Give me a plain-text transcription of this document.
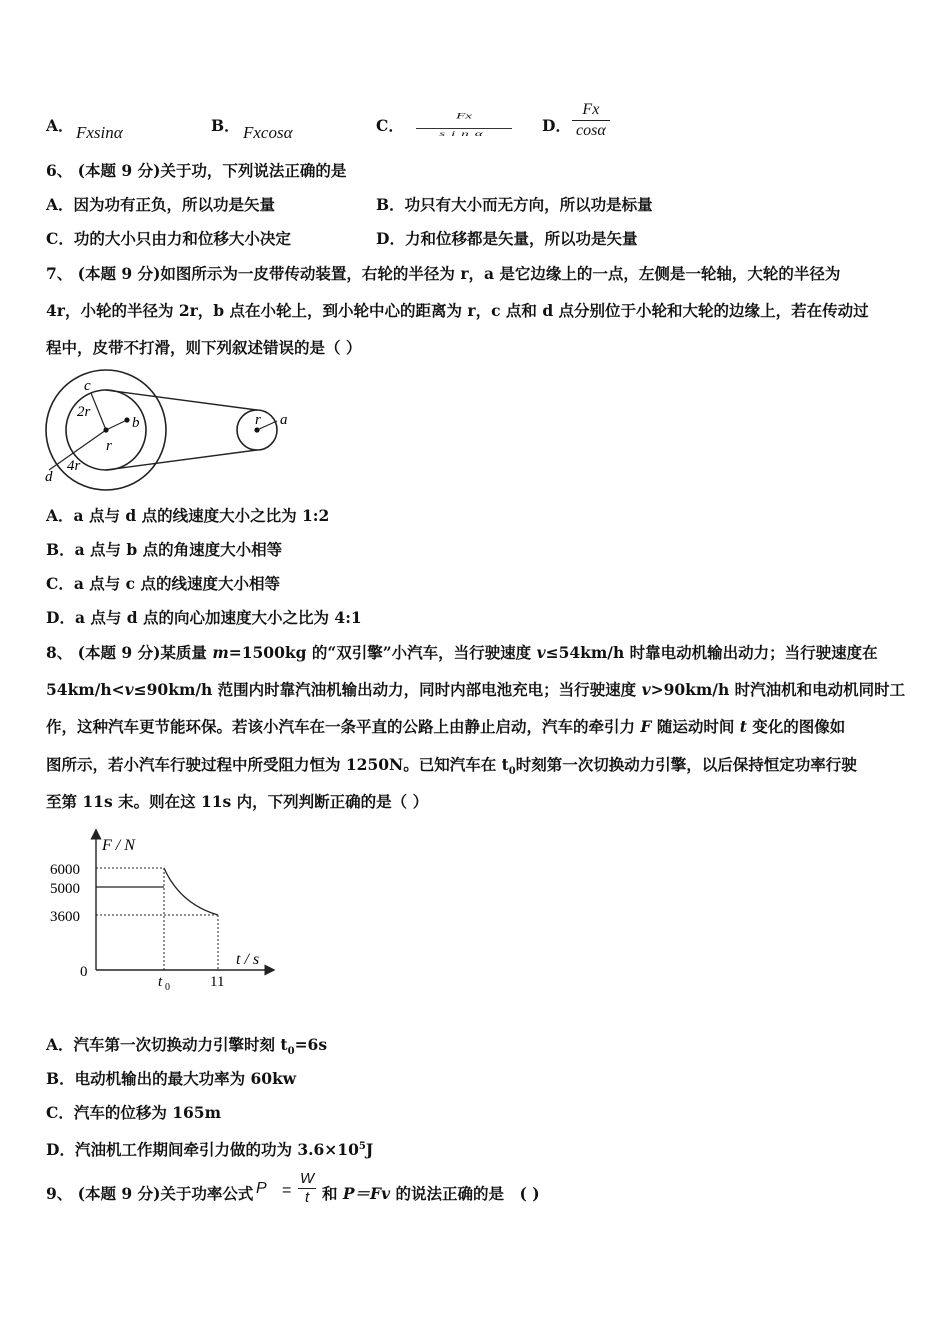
A． Fxsinα	B． Fxcosα	C．	Fx
sinα	D． $\frac{Fx}{\cos\alpha}$
6、 (本题 9 分)关于功，下列说法正确的是
A．因为功有正负，所以功是矢量	B．功只有大小而无方向，所以功是标量
C．功的大小只由力和位移大小决定	D．力和位移都是矢量，所以功是矢量
7、 (本题 9 分)如图所示为一皮带传动装置，右轮的半径为 r，a 是它边缘上的一点，左侧是一轮轴，大轮的半径为
4r，小轮的半径为 2r，b 点在小轮上，到小轮中心的距离为 r，c 点和 d 点分别位于小轮和大轮的边缘上，若在传动过
程中，皮带不打滑，则下列叙述错误的是（ ）
c
2r
b
r
4r
d
r a
A．a 点与 d 点的线速度大小之比为 1:2
B．a 点与 b 点的角速度大小相等
C．a 点与 c 点的线速度大小相等
D．a 点与 d 点的向心加速度大小之比为 4:1
8、 (本题 9 分)某质量 m=1500kg 的“双引擎”小汽车，当行驶速度 v≤54km/h 时靠电动机输出动力；当行驶速度在
54km/h<v≤90km/h 范围内时靠汽油机输出动力，同时内部电池充电；当行驶速度 v>90km/h 时汽油机和电动机同时工
作，这种汽车更节能环保。若该小汽车在一条平直的公路上由静止启动，汽车的牵引力 F 随运动时间 t 变化的图像如
图所示，若小汽车行驶过程中所受阻力恒为 1250N。已知汽车在 $t_0$时刻第一次切换动力引擎，以后保持恒定功率行驶
至第 11s 末。则在这 11s 内，下列判断正确的是（ ）
F / N
t / s
6000
5000
3600
0
t 0	11
A．汽车第一次切换动力引擎时刻 $t_0=6s$
B．电动机输出的最大功率为 60kw
C．汽车的位移为 165m
D．汽油机工作期间牵引力做的功为 $3.6\times 10^5J$
9、 (本题 9 分)关于功率公式 $P = \frac{W}{t}$ 和 P＝Fv 的说法正确的是　( )
